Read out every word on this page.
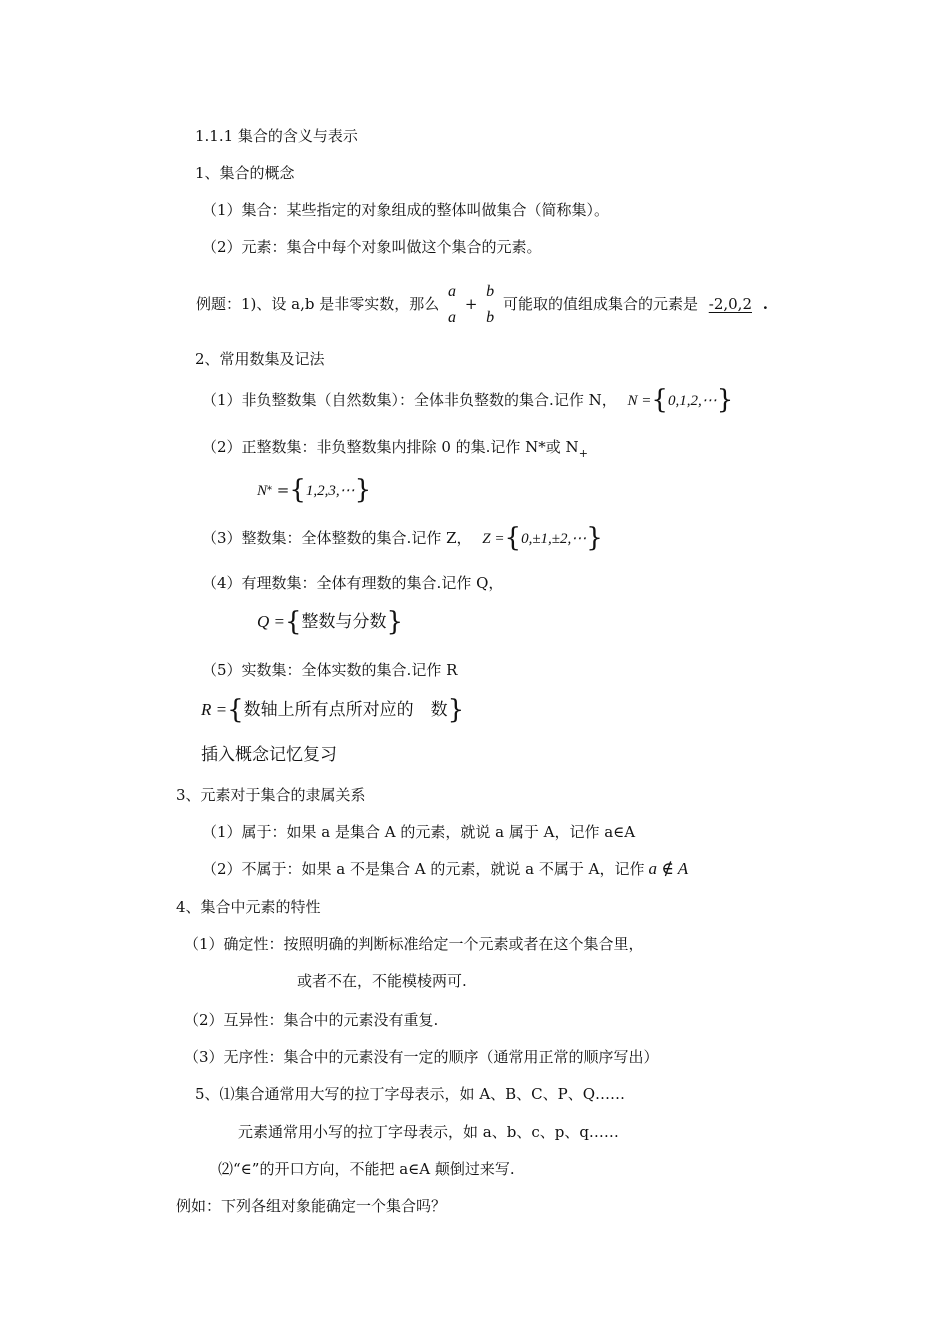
1.1.1 集合的含义与表示
1、集合的概念
（1）集合：某些指定的对象组成的整体叫做集合（简称集）。
（2）元素：集合中每个对象叫做这个集合的元素。
例题：1)、设 a,b 是非零实数，那么
a
a
+
b
b
可能取的值组成集合的元素是 -2,0,2 .
2、常用数集及记法
（1）非负整数集（自然数集）：全体非负整数的集合.记作 N， N ={0,1,2,⋯}
（2）正整数集：非负整数集内排除 0 的集.记作 N*或 $N_+$
N* ={1,2,3,⋯}
（3）整数集：全体整数的集合.记作 Z， Z ={0,±1,±2,⋯}
（4）有理数集：全体有理数的集合.记作 Q，
Q ={整数与分数}
（5）实数集：全体实数的集合.记作 R
R ={数轴上所有点所对应的　数}
插入概念记忆复习
3、元素对于集合的隶属关系
（1）属于：如果 a 是集合 A 的元素，就说 a 属于 A，记作 a∈A
（2）不属于：如果 a 不是集合 A 的元素，就说 a 不属于 A，记作 a ∉ A
4、集合中元素的特性
（1）确定性：按照明确的判断标准给定一个元素或者在这个集合里，
或者不在，不能模棱两可.
（2）互异性：集合中的元素没有重复.
（3）无序性：集合中的元素没有一定的顺序（通常用正常的顺序写出）
5、⑴集合通常用大写的拉丁字母表示，如 A、B、C、P、Q……
元素通常用小写的拉丁字母表示，如 a、b、c、p、q……
⑵“∈”的开口方向，不能把 a∈A 颠倒过来写.
例如：下列各组对象能确定一个集合吗？
